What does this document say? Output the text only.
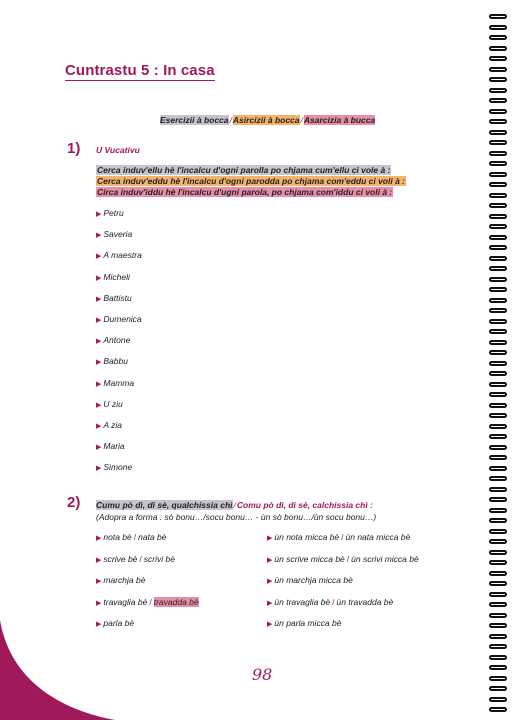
Cuntrastu 5 : In casa
Esercizii à bocca/Asircizii à bocca/Asarcizia à bucca
1) U Vucativu
Cerca induv'ellu hè l'incalcu d'ogni parolla po chjama cum'ellu ci vole à :
Cerca induv'eddu hè l'incalcu d'ogni parodda po chjama com'eddu ci voli à :
Circa induv'iddu hè l'incalcu d'ugni parola, po chjama com'iddu ci voli à :
▶ Petru
▶ Saveria
▶ A maestra
▶ Micheli
▶ Battistu
▶ Dumenica
▶ Antone
▶ Babbu
▶ Mamma
▶ U ziu
▶ A zia
▶ Maria
▶ Simone
2) Cumu pò dì, dì sè, qualchissia chì/Comu pò dì, dì sè, calchissia chì :
(Adopra a forma : sò bonu…/socu bonu… - ùn sò bonu…/ùn socu bonu…)
▶ nota bè / nata bè
▶ scrive bè / scrivi bè
▶ marchja bè
▶ travaglia bè / travadda bè
▶ parla bè
▶ ùn nota micca bè / ùn nata micca bè
▶ ùn scrive micca bè / ùn scrivi micca bè
▶ ùn marchja micca bè
▶ ùn travaglia bè / ùn travadda bè
▶ ùn parla micca bè
98
